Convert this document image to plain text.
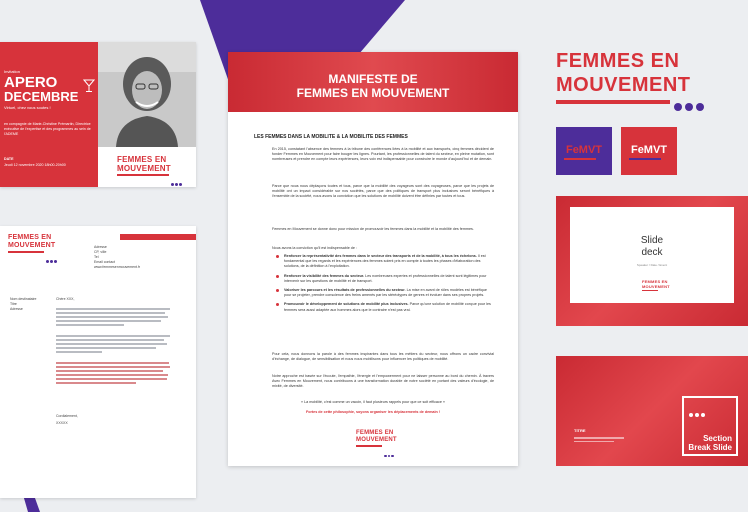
Invitation
APERO
DECEMBRE
Virtuel, chez vous soutes !
en compagnie de Marie-Christine Prémartin, Directrice exécutive de l'expertise et des programmes au sein de l'ADEME
DATE
Jeudi 12 novembre 2020 18h00-20h00
FEMMES EN
MOUVEMENT
FEMMES EN
MOUVEMENT	Adresse
CP, ville
Tel
Email contact
www.femmesenmouvement.fr
Nom destinataire
Titre
Adresse
Chère XXX,
Cordialement,
XXXXX
MANIFESTE DE
FEMMES EN MOUVEMENT
LES FEMMES DANS LA MOBILITE & LA MOBILITE DES FEMMES
En 2015, constatant l'absence des femmes à la tribune des conférences liées à la mobilité et aux transports, cinq femmes décident de fonder Femmes en Mouvement pour faire bouger les lignes. Pourtant, les professionnelles de talent du secteur, en pleine mutation, sont nombreuses et prendre en compte leurs expériences, leurs voix est indispensable pour construire le monde d'aujourd'hui et de demain.
Parce que nous nous déplaçons toutes et tous, parce que la mobilité des voyageurs sont des voyageuses, parce que les projets de mobilité ont un impact considérable sur nos sociétés, parce que des politiques de transport plus inclusives seront bénéfiques à l'ensemble de la société, nous avons la conviction que les solutions de mobilité doivent être définies par toutes et tous.
Femmes en Mouvement se donne donc pour mission de promouvoir les femmes dans la mobilité et la mobilité des femmes.
Nous avons la conviction qu'il est indispensable de :
Renforcer la représentativité des femmes dans le secteur des transports et de la mobilité, à tous les échelons. Il est fondamental que les regards et les expériences des femmes soient pris en compte à toutes les phases d'élaboration des solutions, de la définition à l'exploitation.
Renforcer la visibilité des femmes du secteur. Les nombreuses expertes et professionnelles de talent sont légitimes pour intervenir sur les questions de mobilité et de transport.
Valoriser les parcours et les résultats de professionnelles du secteur. La mise en avant de rôles modèles est bénéfique pour se projeter, prendre conscience des freins amenés par les stéréotypes de genres et évoluer dans ses propres projets.
Promouvoir le développement de solutions de mobilité plus inclusives. Parce qu'une solution de mobilité conçue pour les femmes sera aussi adaptée aux hommes alors que le contraire n'est pas vrai.
Pour cela, nous donnons la parole à des femmes inspirantes dans tous les métiers du secteur, nous offrons un cadre convivial d'échange, de dialogue, de sensibilisation et nous nous mobilisons pour influencer les politiques de mobilité.
Notre approche est basée sur l'écoute, l'empathie, l'énergie et l'empowerment pour ne laisser personne au bord du chemin. À travers Avec Femmes en Mouvement, nous contribuons à une transformation durable de notre société en portant des valeurs d'écologie, de mixité, de diversité.
« La mobilité, c'est comme un vaccin, il faut plusieurs rappels pour que ce soit efficace »
Fortes de cette philosophie, soyons organiser les déplacements de demain !
FEMMES EN
MOUVEMENT
FEMMES EN
MOUVEMENT
FeMVT	FeMVT
Slide
deck
Speaker / Date / Event
FEMMES EN
MOUVEMENT
TITRE
Section
Break Slide
